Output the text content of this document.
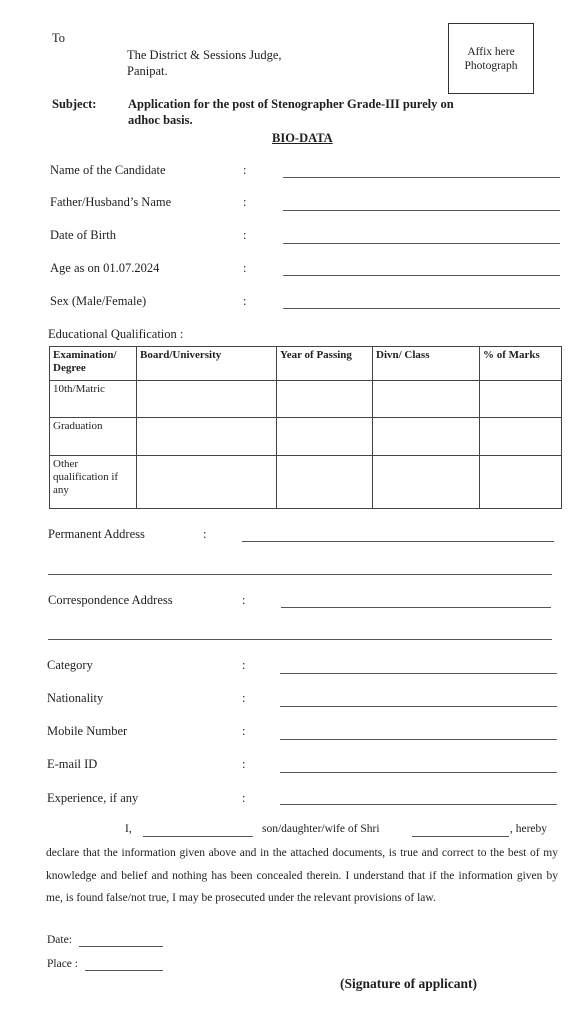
To
The District & Sessions Judge,
Panipat.
Affix here
Photograph
Subject:	Application for the post of Stenographer Grade-III purely on
adhoc basis.
BIO-DATA
Name of the Candidate	:
Father/Husband’s Name	:
Date of Birth	:
Age as on 01.07.2024	:
Sex (Male/Female)	:
Educational Qualification :
Examination/ Degree	Board/University	Year of Passing	Divn/ Class	% of Marks
10th/Matric				
Graduation				
Other qualification if any				
Permanent Address	:
Correspondence Address	:
Category	:
Nationality	:
Mobile Number	:
E-mail ID	:
Experience, if any	:
I,	son/daughter/wife of Shri	, hereby
declare that the information given above and in the attached documents, is true and correct to the best of my knowledge and belief and nothing has been concealed therein. I understand that if the information given by me, is found false/not true, I may be prosecuted under the relevant provisions of law.
Date:
Place :
(Signature of applicant)
